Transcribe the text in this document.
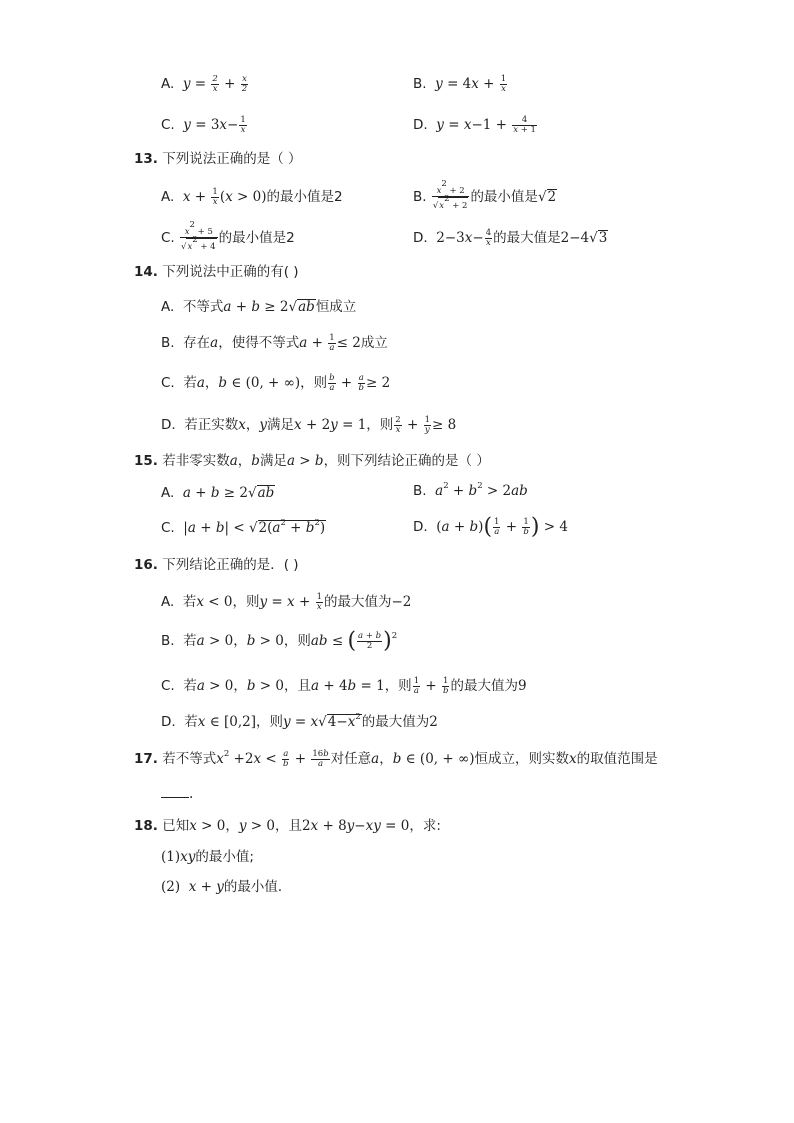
A.  $y = \frac{2}{x} + \frac{x}{2}$	B.  $y = 4x + \frac{1}{x}$
C.  $y = 3x- \frac{1}{x}$	D.  $y = x-1 + \frac{4}{x + 1}$
13. 下列说法正确的是（ ）
A.  $x + \frac{1}{x} (x > 0)$的最小值是2	B. $\frac{x^2 + 2}{√x^2 + 2}$ 的最小值是√2
C. $\frac{x^2 + 5}{√x^2 + 4}$ 的最小值是2	D.  $2-3x- \frac{4}{x}$ 的最大值是2−4√3
14. 下列说法中正确的有( )
A. 不等式a + b ≥ 2√ab恒成立
B. 存在a，使得不等式$a + \frac{1}{a} \le 2$成立
C. 若a，b ∈ (0, + ∞)，则 $\frac{b}{a} + \frac{a}{b} \ge 2$
D. 若正实数x，y满足x + 2y = 1，则 $\frac{2}{x} + \frac{1}{y} \ge 8$
15. 若非零实数a，b满足a > b，则下列结论正确的是（ ）
A.  a + b ≥ 2√ab	B.  $a^2 + b^2 > 2ab$
C.  $|a + b| < √2(a^2 + b^2)$	D.  $(a + b)( \frac{1}{a} + \frac{1}{b}$ ) > 4
16. 下列结论正确的是．( )
A. 若x < 0，则$y = x + \frac{1}{x}$ 的最大值为−2
B. 若a > 0，b > 0，则ab ≤ ( $\frac{a + b}{2} )^2$
C. 若a > 0，b > 0，且a + 4b = 1，则 $\frac{1}{a} + \frac{1}{b}$ 的最大值为9
D. 若x ∈ [0,2]，则$y = x√4-x^2$的最大值为2
17. 若不等式$x^2 +2x < \frac{a}{b} + \frac{16b}{a}$ 对任意a，b ∈ (0, + ∞)恒成立，则实数x的取值范围是
.
18. 已知x > 0，y > 0，且2x + 8y−xy = 0，求:
(1)xy的最小值;
(2) x + y的最小值．
